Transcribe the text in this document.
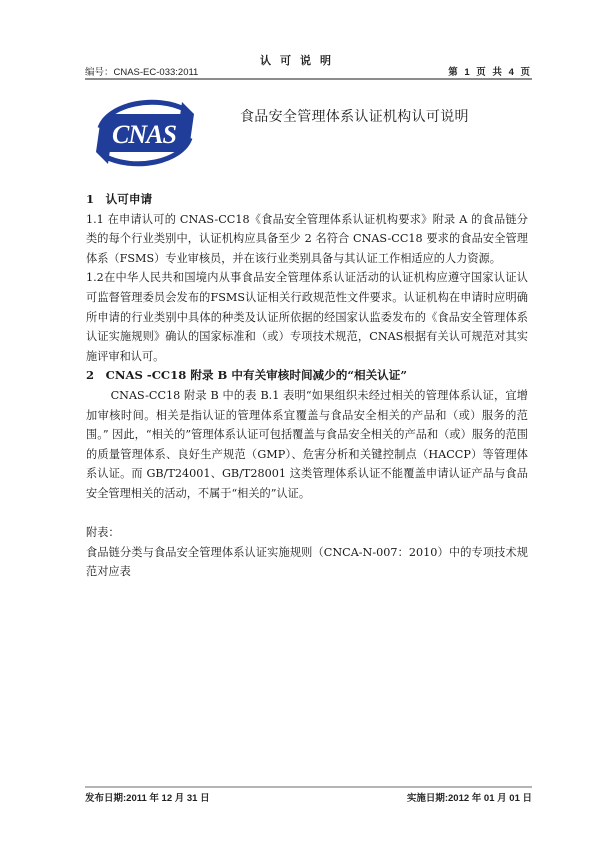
认可说明
编号：CNAS-EC-033:2011	第 1 页 共 4 页
CNAS
食品安全管理体系认证机构认可说明

1　认可申请

1.1 在申请认可的 CNAS-CC18《食品安全管理体系认证机构要求》附录 A 的食品链分类的每个行业类别中，认证机构应具备至少 2 名符合 CNAS-CC18 要求的食品安全管理体系（FSMS）专业审核员，并在该行业类别具备与其认证工作相适应的人力资源。

1.2在中华人民共和国境内从事食品安全管理体系认证活动的认证机构应遵守国家认证认可监督管理委员会发布的FSMS认证相关行政规范性文件要求。认证机构在申请时应明确所申请的行业类别中具体的种类及认证所依据的经国家认监委发布的《食品安全管理体系认证实施规则》确认的国家标准和（或）专项技术规范，CNAS根据有关认可规范对其实施评审和认可。

2　CNAS -CC18 附录 B 中有关审核时间减少的“相关认证”

CNAS-CC18 附录 B 中的表 B.1 表明“如果组织未经过相关的管理体系认证，宜增加审核时间。相关是指认证的管理体系宜覆盖与食品安全相关的产品和（或）服务的范围。” 因此，“相关的”管理体系认证可包括覆盖与食品安全相关的产品和（或）服务的范围的质量管理体系、良好生产规范（GMP）、危害分析和关键控制点（HACCP）等管理体系认证。而 GB/T24001、GB/T28001 这类管理体系认证不能覆盖申请认证产品与食品安全管理相关的活动，不属于“相关的”认证。

附表：

食品链分类与食品安全管理体系认证实施规则（CNCA-N-007：2010）中的专项技术规范对应表

发布日期:2011 年 12 月 31 日	实施日期:2012 年 01 月 01 日
